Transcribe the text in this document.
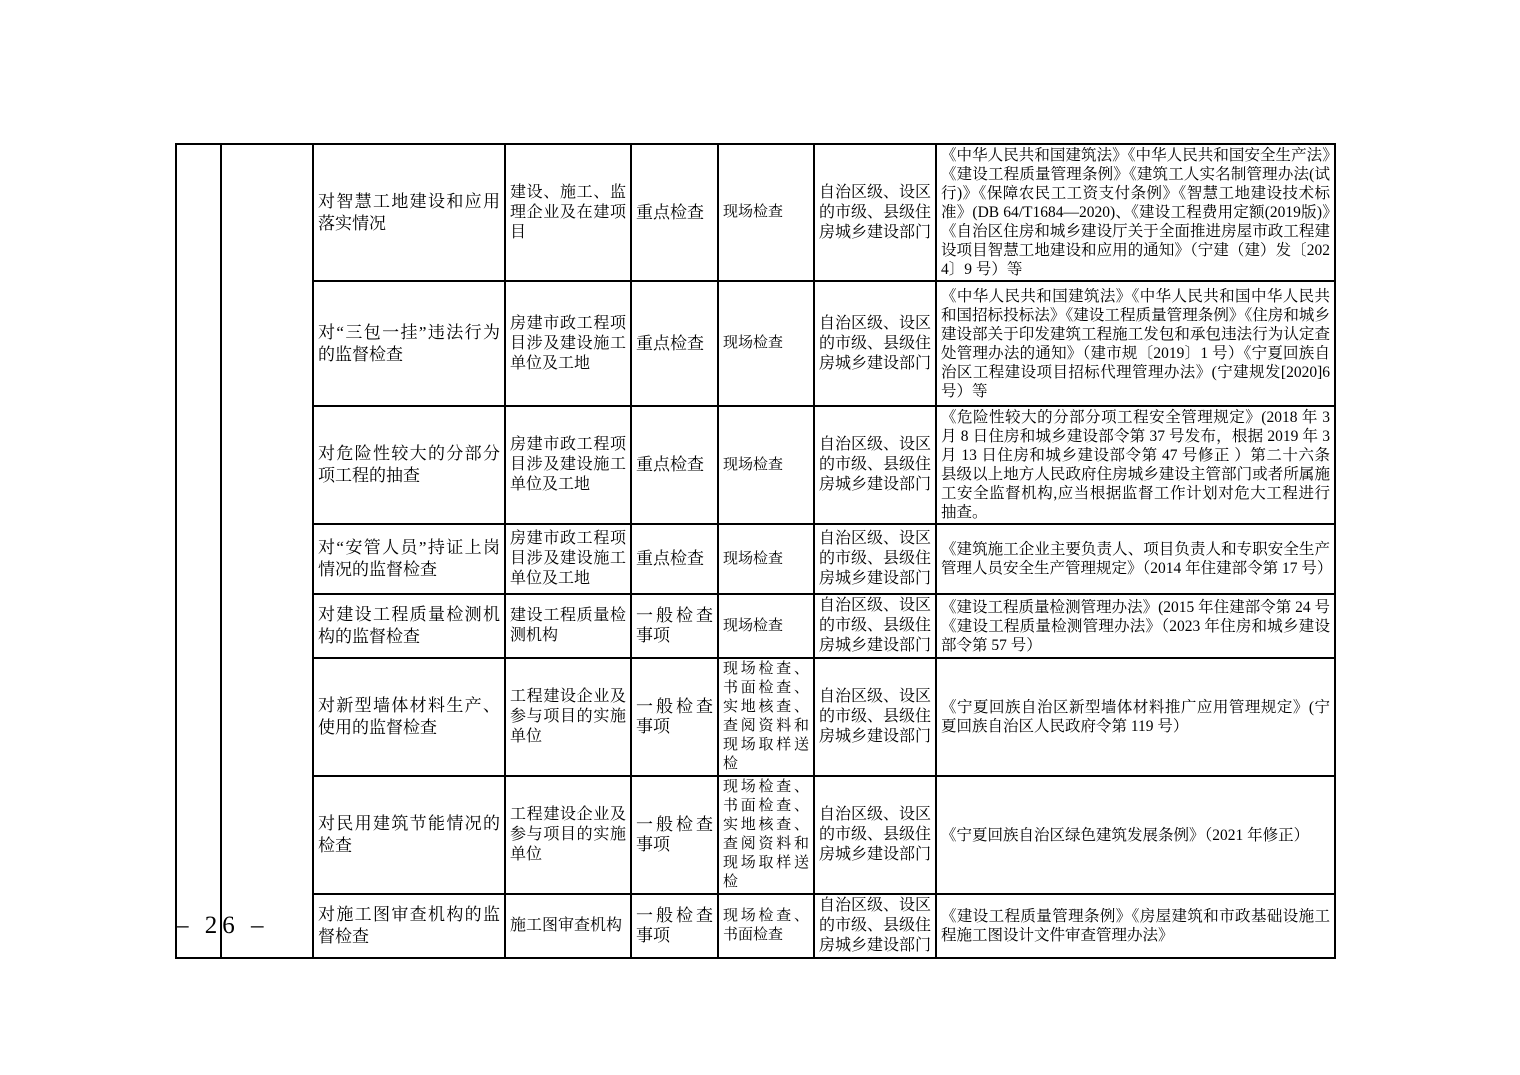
		对智慧工地建设和应用落实情况	建设、施工、监理企业及在建项目	重点检查	现场检查	自治区级、设区的市级、县级住房城乡建设部门	《中华人民共和国建筑法》《中华人民共和国安全生产法》《建设工程质量管理条例》《建筑工人实名制管理办法(试行)》《保障农民工工资支付条例》《智慧工地建设技术标准》(DB 64/T1684—2020)、《建设工程费用定额(2019版)》《自治区住房和城乡建设厅关于全面推进房屋市政工程建设项目智慧工地建设和应用的通知》（宁建（建）发〔2024〕9 号）等
		对“三包一挂”违法行为的监督检查	房建市政工程项目涉及建设施工单位及工地	重点检查	现场检查	自治区级、设区的市级、县级住房城乡建设部门	《中华人民共和国建筑法》《中华人民共和国中华人民共和国招标投标法》《建设工程质量管理条例》《住房和城乡建设部关于印发建筑工程施工发包和承包违法行为认定查处管理办法的通知》（建市规〔2019〕1 号）《宁夏回族自治区工程建设项目招标代理管理办法》(宁建规发[2020]6 号）等
		对危险性较大的分部分项工程的抽查	房建市政工程项目涉及建设施工单位及工地	重点检查	现场检查	自治区级、设区的市级、县级住房城乡建设部门	《危险性较大的分部分项工程安全管理规定》(2018 年 3 月 8 日住房和城乡建设部令第 37 号发布，根据 2019 年 3 月 13 日住房和城乡建设部令第 47 号修正 ）第二十六条 县级以上地方人民政府住房城乡建设主管部门或者所属施工安全监督机构,应当根据监督工作计划对危大工程进行抽查。
		对“安管人员”持证上岗情况的监督检查	房建市政工程项目涉及建设施工单位及工地	重点检查	现场检查	自治区级、设区的市级、县级住房城乡建设部门	《建筑施工企业主要负责人、项目负责人和专职安全生产管理人员安全生产管理规定》（2014 年住建部令第 17 号）
		对建设工程质量检测机构的监督检查	建设工程质量检测机构	一般检查事项	现场检查	自治区级、设区的市级、县级住房城乡建设部门	《建设工程质量检测管理办法》(2015 年住建部令第 24 号《建设工程质量检测管理办法》（2023 年住房和城乡建设部令第 57 号）
		对新型墙体材料生产、使用的监督检查	工程建设企业及参与项目的实施单位	一般检查事项	现场检查、书面检查、实地核查、查阅资料和现场取样送检	自治区级、设区的市级、县级住房城乡建设部门	《宁夏回族自治区新型墙体材料推广应用管理规定》(宁夏回族自治区人民政府令第 119 号）
		对民用建筑节能情况的检查	工程建设企业及参与项目的实施单位	一般检查事项	现场检查、书面检查、实地核查、查阅资料和现场取样送检	自治区级、设区的市级、县级住房城乡建设部门	《宁夏回族自治区绿色建筑发展条例》（2021 年修正）
		对施工图审查机构的监督检查	施工图审查机构	一般检查事项	现场检查、书面检查	自治区级、设区的市级、县级住房城乡建设部门	《建设工程质量管理条例》《房屋建筑和市政基础设施工程施工图设计文件审查管理办法》
– 26 –
